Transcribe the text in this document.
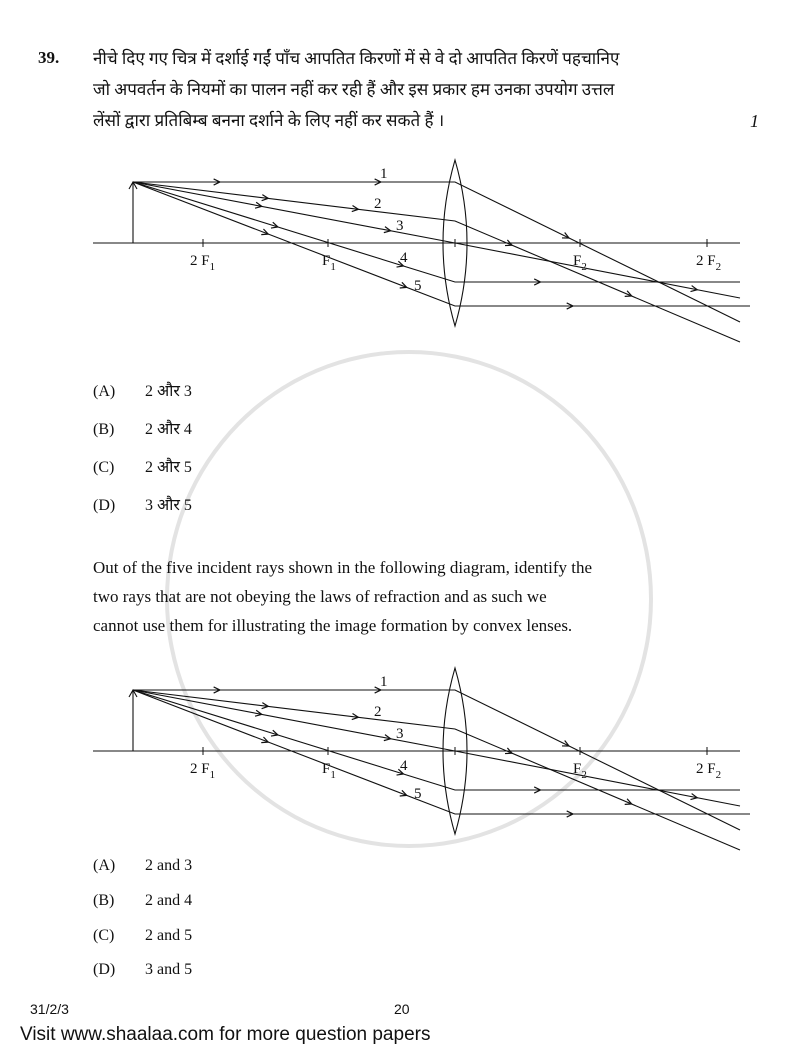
39. नीचे दिए गए चित्र में दर्शाई गईं पाँच आपतित किरणों में से वे दो आपतित किरणें पहचानिए
जो अपवर्तन के नियमों का पालन नहीं कर रही हैं और इस प्रकार हम उनका उपयोग उत्तल
लेंसों द्वारा प्रतिबिम्ब बनना दर्शाने के लिए नहीं कर सकते हैं ।	1
2 $F_1$	$F_1$	$F_2$	2 $F_2$
1
2
3
4
5
(A) 2 और 3
(B) 2 और 4
(C) 2 और 5
(D) 3 और 5
Out of the five incident rays shown in the following diagram, identify the
two rays that are not obeying the laws of refraction and as such we
cannot use them for illustrating the image formation by convex lenses.
2 $F_1$	$F_1$	$F_2$	2 $F_2$
1
2
3
4
5
(A) 2 and 3
(B) 2 and 4
(C) 2 and 5
(D) 3 and 5
31/2/3	20
Visit www.shaalaa.com for more question papers
